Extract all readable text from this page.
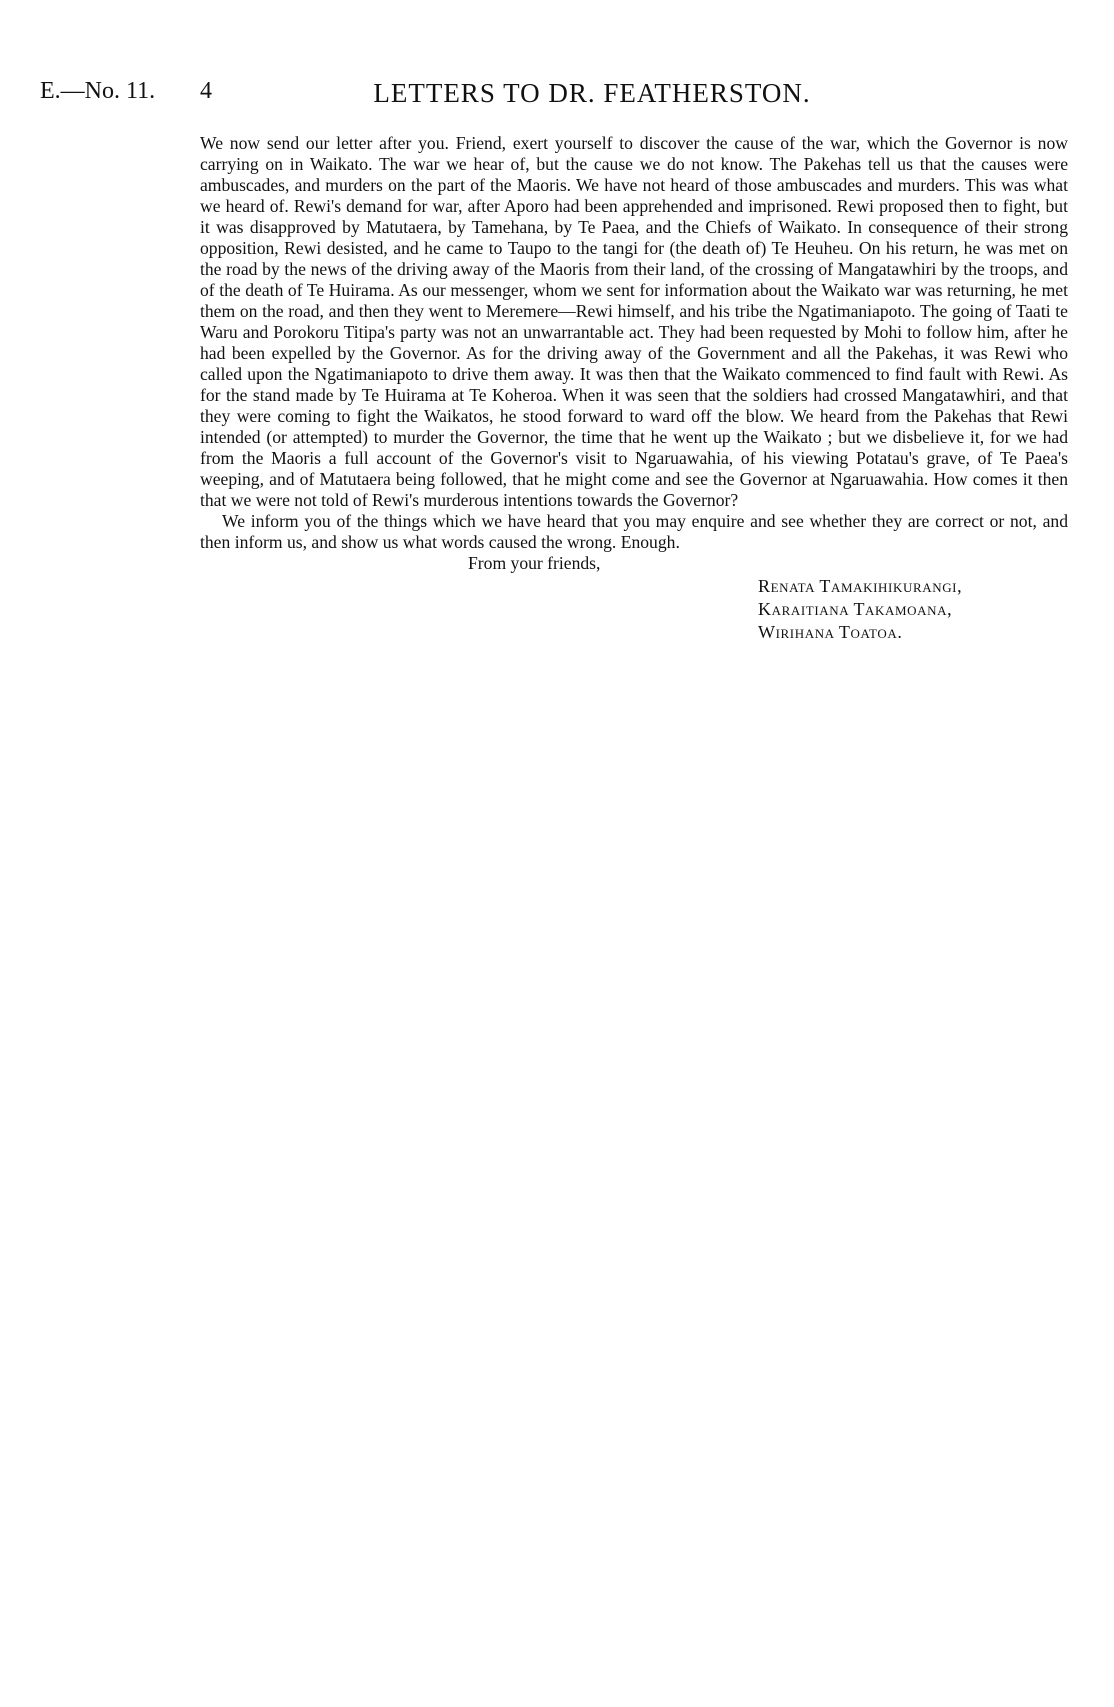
E.—No. 11. 4	LETTERS TO DR. FEATHERSTON.

We now send our letter after you. Friend, exert yourself to discover the cause of the war, which the Governor is now carrying on in Waikato. The war we hear of, but the cause we do not know. The Pakehas tell us that the causes were ambuscades, and murders on the part of the Maoris. We have not heard of those ambuscades and murders. This was what we heard of. Rewi's demand for war, after Aporo had been apprehended and imprisoned. Rewi proposed then to fight, but it was disapproved by Matutaera, by Tamehana, by Te Paea, and the Chiefs of Waikato. In consequence of their strong opposition, Rewi desisted, and he came to Taupo to the tangi for (the death of) Te Heuheu. On his return, he was met on the road by the news of the driving away of the Maoris from their land, of the crossing of Mangatawhiri by the troops, and of the death of Te Huirama. As our messenger, whom we sent for information about the Waikato war was returning, he met them on the road, and then they went to Meremere—Rewi himself, and his tribe the Ngatimaniapoto. The going of Taati te Waru and Porokoru Titipa's party was not an unwarrantable act. They had been requested by Mohi to follow him, after he had been expelled by the Governor. As for the driving away of the Government and all the Pakehas, it was Rewi who called upon the Ngatimaniapoto to drive them away. It was then that the Waikato commenced to find fault with Rewi. As for the stand made by Te Huirama at Te Koheroa. When it was seen that the soldiers had crossed Mangatawhiri, and that they were coming to fight the Waikatos, he stood forward to ward off the blow. We heard from the Pakehas that Rewi intended (or attempted) to murder the Governor, the time that he went up the Waikato ; but we disbelieve it, for we had from the Maoris a full account of the Governor's visit to Ngaruawahia, of his viewing Potatau's grave, of Te Paea's weeping, and of Matutaera being followed, that he might come and see the Governor at Ngaruawahia. How comes it then that we were not told of Rewi's murderous intentions towards the Governor?

We inform you of the things which we have heard that you may enquire and see whether they are correct or not, and then inform us, and show us what words caused the wrong. Enough.

From your friends,
Renata Tamakihikurangi,
Karaitiana Takamoana,
Wirihana Toatoa.
